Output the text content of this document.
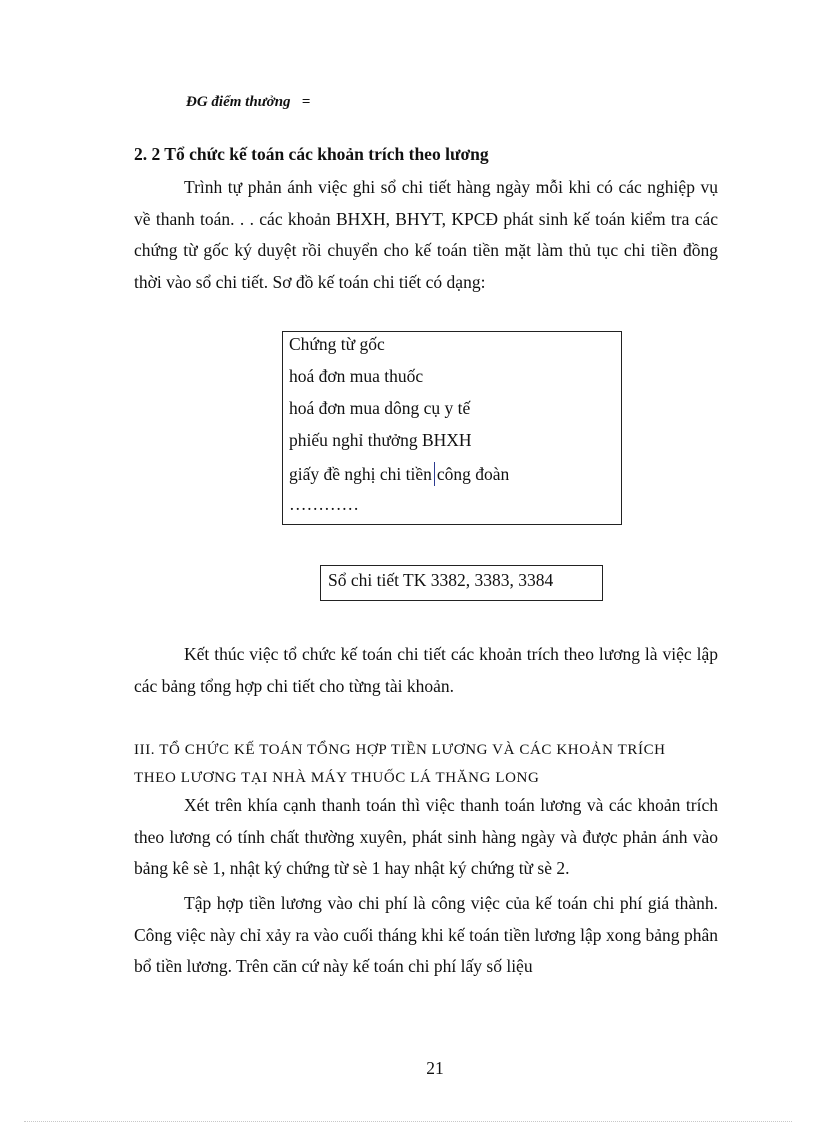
ĐG điểm thưởng   =
2. 2 Tổ chức kế toán các khoản trích theo lương
Trình tự phản ánh việc ghi sổ chi tiết hàng ngày mỗi khi có các nghiệp vụ về thanh toán. . . các khoản BHXH, BHYT, KPCĐ phát sinh kế toán kiểm tra các chứng từ gốc ký duyệt rồi chuyển cho kế toán tiền mặt làm thủ tục chi tiền đồng thời vào sổ chi tiết. Sơ đồ kế toán chi tiết có dạng:
Chứng từ gốc
hoá đơn mua thuốc
hoá đơn mua dông cụ y tế
phiếu nghỉ thưởng BHXH
giấy đề nghị chi tiền công đoàn
…………
Sổ chi tiết TK 3382, 3383, 3384
Kết thúc việc tổ chức kế toán chi tiết các khoản trích theo lương là việc lập các bảng tổng hợp chi tiết cho từng tài khoản.
III. TỔ CHỨC KẾ TOÁN TỔNG HỢP TIỀN LƯƠNG VÀ CÁC KHOẢN TRÍCH
THEO LƯƠNG TẠI NHÀ MÁY THUỐC LÁ THĂNG LONG
Xét trên khía cạnh thanh toán thì việc thanh toán lương và các khoản trích theo lương có tính chất thường xuyên, phát sinh hàng ngày và được phản ánh vào bảng kê sè 1, nhật ký chứng từ sè 1 hay nhật ký chứng từ sè 2.
Tập hợp tiền lương vào chi phí là công việc của kế toán chi phí giá thành. Công việc này chỉ xảy ra vào cuối tháng khi kế toán tiền lương lập xong bảng phân bổ tiền lương. Trên căn cứ này kế toán chi phí lấy số liệu
21
